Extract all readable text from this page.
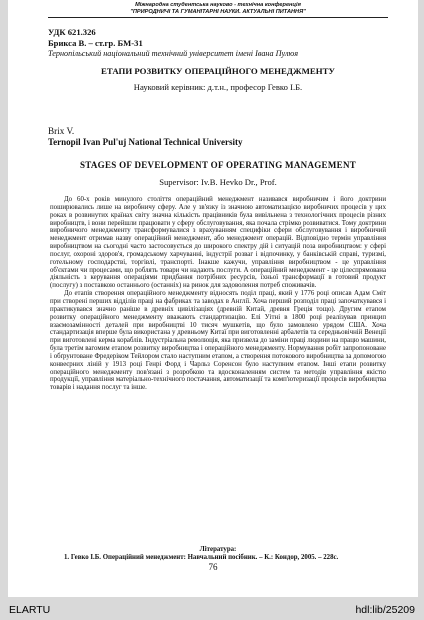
Міжнародна студентська науково - технічна конференція
"ПРИРОДНИЧІ ТА ГУМАНІТАРНІ НАУКИ. АКТУАЛЬНІ ПИТАННЯ"
УДК 621.326
Брикса В. – ст.гр. БМ-31
Тернопільський національний технічний університет імені Івана Пулюя
ЕТАПИ РОЗВИТКУ ОПЕРАЦІЙНОГО МЕНЕДЖМЕНТУ
Науковий керівник: д.т.н., професор Гевко І.Б.
Brix V.
Ternopil Ivan Pul'uj National Technical University
STAGES OF DEVELOPMENT OF OPERATING MANAGEMENT
Supervisor: Iv.B. Hevko Dr., Prof.

До 60-х років минулого століття операційний менеджмент називався виробничим і його доктрини поширювались лише на виробничу сферу. Але у зв'язку із значною автоматизацією виробничих процесів у цих роках в розвинутих країнах світу значна кількість працівників була вивільнена з технологічних процесів різних виробництв, і вони перейшли працювати у сферу обслуговування, яка почала стрімко розвиватися. Тому доктрини виробничого менеджменту трансформувалися з врахуванням специфіки сфери обслуговування і виробничий менеджмент отримав назву операційний менеджмент, або менеджмент операцій. Відповідно термін управління виробництвом на сьогодні часто застосовується до широкого спектру дій і ситуацій поза виробництвом: у сфері послуг, охороні здоров'я, громадському харчуванні, індустрії розваг і відпочинку, у банківській справі, туризмі, готельному господарстві, торгівлі, транспорті. Інакше кажучи, управління виробництвом - це управління об'єктами чи процесами, що роблять товари чи надають послуги. А операційний менеджмент - це цілеспрямована діяльність з керування операціями придбання потрібних ресурсів, їхньої трансформації в готовий продукт (послугу) з поставкою останнього (останніх) на ринок для задоволення потреб споживачів.

До етапів створення операційного менеджменту відносять поділ праці, який у 1776 році описав Адам Сміт при створені перших відділів праці на фабриках та заводах в Англії. Хоча перший розподіл праці започаткувався і практикувався значно раніше в древніх цивілізаціях (древній Китай, древня Греція тощо). Другим етапом розвитку операційного менеджменту вважають стандартизацію. Елі Уітні в 1800 році реалізував принцип взаємозамінності деталей при виробництві 10 тисяч мушкетів, що було замовлено урядом США. Хоча стандартизація вперше була використана у древньому Китаї при виготовленні арбалетів та середньовічній Венеції при виготовлені керма кораблів. Індустріальна революція, яка призвела до заміни праці людини на працю машини, була третім вагомим етапом розвитку виробництва і операційного менеджменту. Нормування робіт запропоноване і обґрунтоване Фредеріком Тейлором стало наступним етапом, а створення потокового виробництва за допомогою конвеєрних ліній у 1913 році Генрі Форд і Чарльз Соренсон було наступним етапом. Інші етапи розвитку операційного менеджменту пов'язані з розробкою та вдосконаленням систем та методів управління якістю продукції, управління матеріально-технічного постачання, автоматизації та комп'ютеризації процесів виробництва товарів і надання послуг та інше.

Література:
1. Гевко І.Б. Операційний менеджмент: Навчальний посібник. – К.: Кондор, 2005. – 228с.
76
ELARTU	hdl:lib/25209
